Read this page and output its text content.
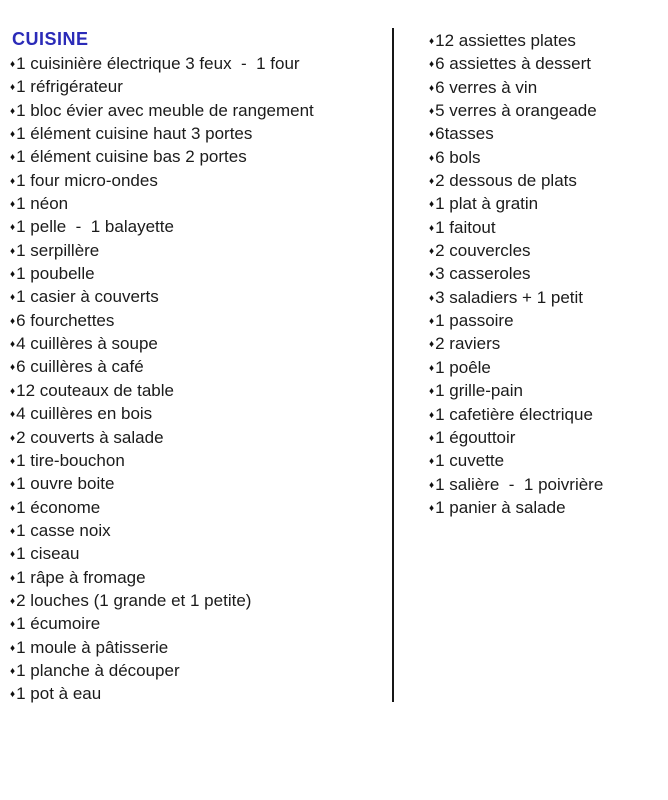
CUISINE
♦1 cuisinière électrique 3 feux  -  1 four
♦1 réfrigérateur
♦1 bloc évier avec meuble de rangement
♦1 élément cuisine haut 3 portes
♦1 élément cuisine bas 2 portes
♦1 four micro-ondes
♦1 néon
♦1 pelle  -  1 balayette
♦1 serpillère
♦1 poubelle
♦1 casier à couverts
♦6 fourchettes
♦4 cuillères à soupe
♦6 cuillères à café
♦12 couteaux de table
♦4 cuillères en bois
♦2 couverts à salade
♦1 tire-bouchon
♦1 ouvre boite
♦1 économe
♦1 casse noix
♦1 ciseau
♦1 râpe à fromage
♦2 louches (1 grande et 1 petite)
♦1 écumoire
♦1 moule à pâtisserie
♦1 planche à découper
♦1 pot à eau
♦12 assiettes plates
♦6 assiettes à dessert
♦6 verres à vin
♦5 verres à orangeade
♦6tasses
♦6 bols
♦2 dessous de plats
♦1 plat à gratin
♦1 faitout
♦2 couvercles
♦3 casseroles
♦3 saladiers + 1 petit
♦1 passoire
♦2 raviers
♦1 poêle
♦1 grille-pain
♦1 cafetière électrique
♦1 égouttoir
♦1 cuvette
♦1 salière  -  1 poivrière
♦1 panier à salade
